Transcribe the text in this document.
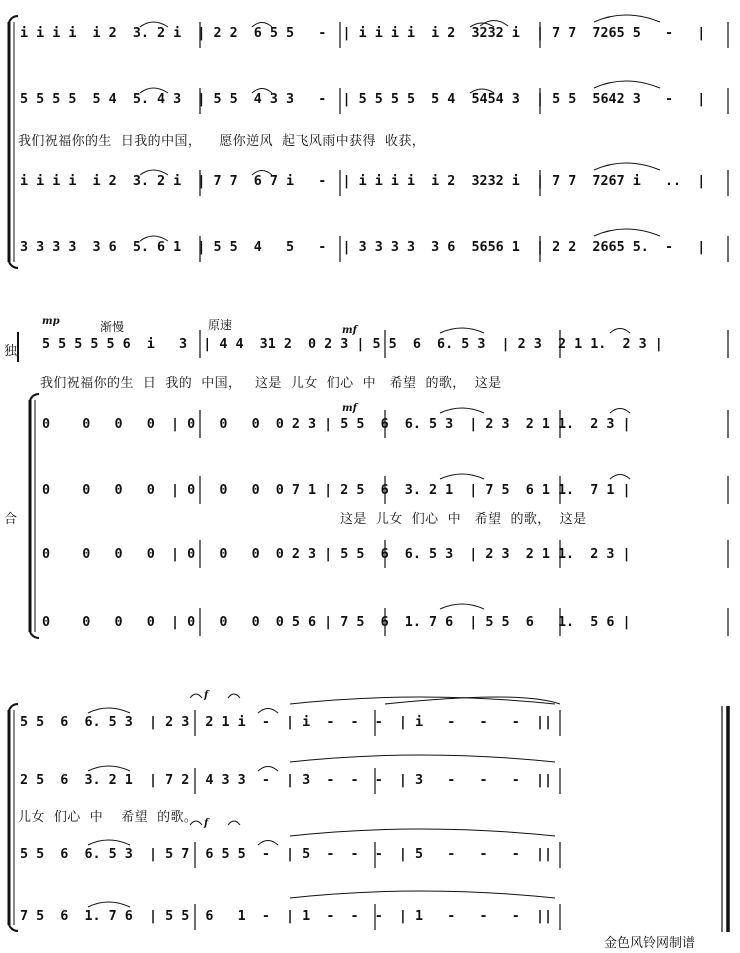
i i i i  i 2  3. 2 i  | 2 2  6 5 5   -  | i i i i  i 2  3232 i  | 7 7  7265 5   -   |
5 5 5 5  5 4  5. 4 3  | 5 5  4 3 3   -  | 5 5 5 5  5 4  5454 3  | 5 5  5642 3   -   |
我们祝福你的生  日我的中国，    愿你逆风  起飞风雨中获得  收获，
i i i i  i 2  3. 2 i  | 7 7  6 7 i   -  | i i i i  i 2  3232 i  | 7 7  7267 i   ..  |
3 3 3 3  3 6  5. 6 1  | 5 5  4   5   -  | 3 3 3 3  3 6  5656 1  | 2 2  2665 5.  -   |
mp	渐慢	原速	mf
mf
独
合
5 5 5 5 5 6  i   3  | 4 4  31 2  0 2 3 | 5 5  6  6. 5 3  | 2 3  2 1 1.  2 3 |
我们祝福你的生  日  我的  中国，   这是  儿女  们心  中   希望  的歌，  这是
0    0   0   0  | 0   0   0  0 2 3 | 5 5  6  6. 5 3  | 2 3  2 1 1.  2 3 |
0    0   0   0  | 0   0   0  0 7 1 | 2 5  6  3. 2 1  | 7 5  6 1 1.  7 1 |
这是  儿女  们心  中   希望  的歌，  这是
0    0   0   0  | 0   0   0  0 2 3 | 5 5  6  6. 5 3  | 2 3  2 1 1.  2 3 |
0    0   0   0  | 0   0   0  0 5 6 | 7 5  6  1. 7 6  | 5 5  6   1.  5 6 |
f
f
5 5  6  6. 5 3  | 2 3  2 1 i  -  | i  -  -  -  | i   -   -   -  ||
2 5  6  3. 2 1  | 7 2  4 3 3  -  | 3  -  -  -  | 3   -   -   -  ||
儿女  们心  中    希望  的歌。
5 5  6  6. 5 3  | 5 7  6 5 5  -  | 5  -  -  -  | 5   -   -   -  ||
7 5  6  1. 7 6  | 5 5  6   1  -  | 1  -  -  -  | 1   -   -   -  ||
金色风铃网制谱
